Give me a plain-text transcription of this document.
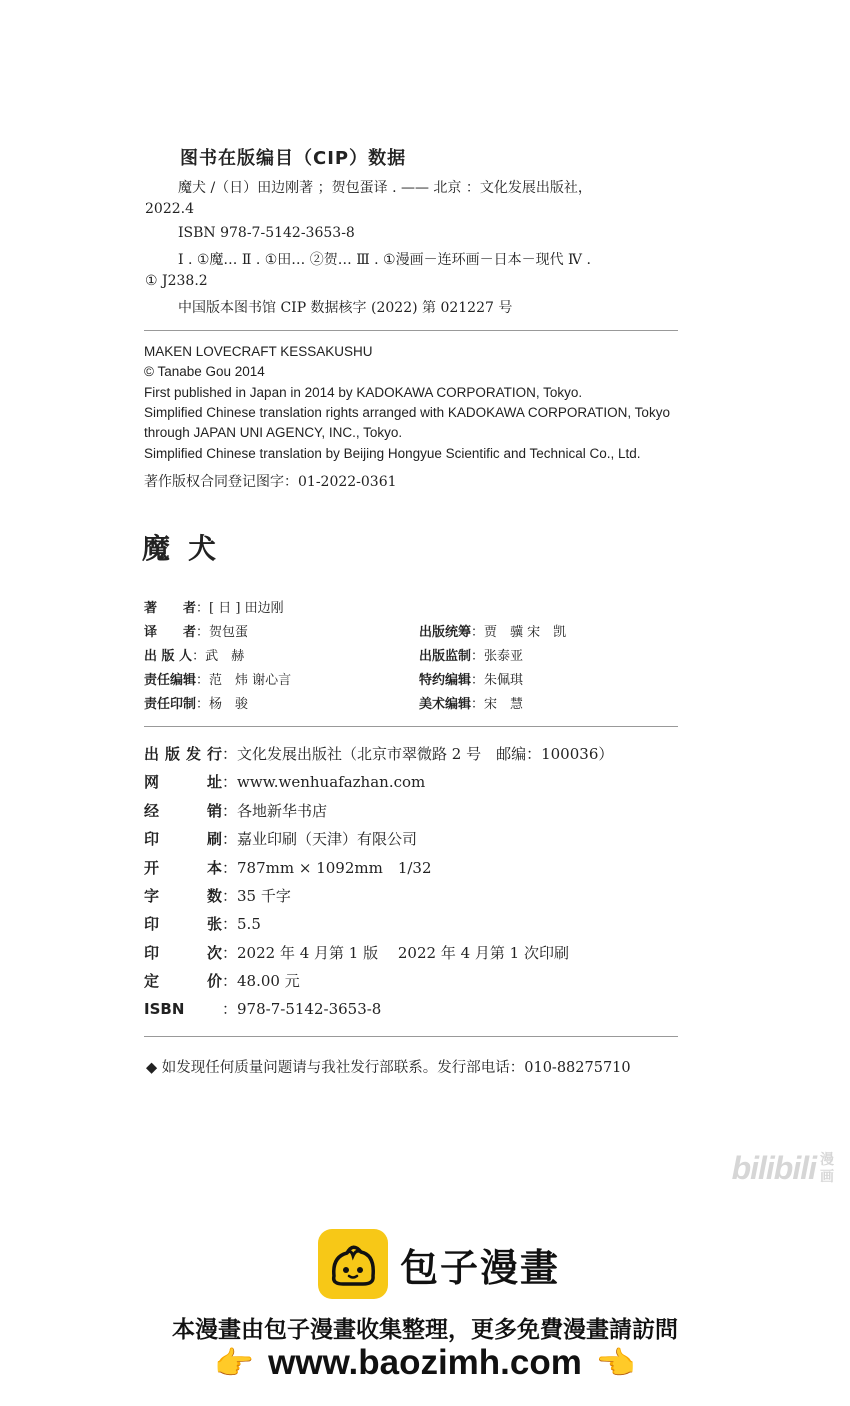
图书在版编目（CIP）数据
魔犬 /（日）田边刚著 ；贺包蛋译 . —— 北京 ：文化发展出版社，
2022.4
ISBN 978-7-5142-3653-8
Ⅰ . ①魔… Ⅱ . ①田… ②贺… Ⅲ . ①漫画－连环画－日本－现代 Ⅳ .
① J238.2
中国版本图书馆 CIP 数据核字 (2022) 第 021227 号
MAKEN LOVECRAFT KESSAKUSHU
© Tanabe Gou 2014
First published in Japan in 2014 by KADOKAWA CORPORATION, Tokyo.
Simplified Chinese translation rights arranged with KADOKAWA CORPORATION, Tokyo
through JAPAN UNI AGENCY, INC., Tokyo.
Simplified Chinese translation by Beijing Hongyue Scientific and Technical Co., Ltd.
著作版权合同登记图字：01-2022-0361
魔犬
著　　者：[ 日 ] 田边刚
译　　者：贺包蛋
出 版 人：武　赫
责任编辑：范　炜 谢心言
责任印制：杨　骏
出版统筹：贾　骥 宋　凯
出版监制：张泰亚
特约编辑：朱佩琪
美术编辑：宋　慧
出版发行：文化发展出版社（北京市翠微路 2 号　邮编：100036）
网址：www.wenhuafazhan.com
经销：各地新华书店
印刷：嘉业印刷（天津）有限公司
开本：787mm × 1092mm　1/32
字数：35 千字
印张：5.5
印次：2022 年 4 月第 1 版　 2022 年 4 月第 1 次印刷
定价：48.00 元
ISBN	：978-7-5142-3653-8
◆ 如发现任何质量问题请与我社发行部联系。发行部电话：010-88275710
bilibili 漫画
包子漫畫
本漫畫由包子漫畫收集整理，更多免費漫畫請訪問
👉 www.baozimh.com 👈
